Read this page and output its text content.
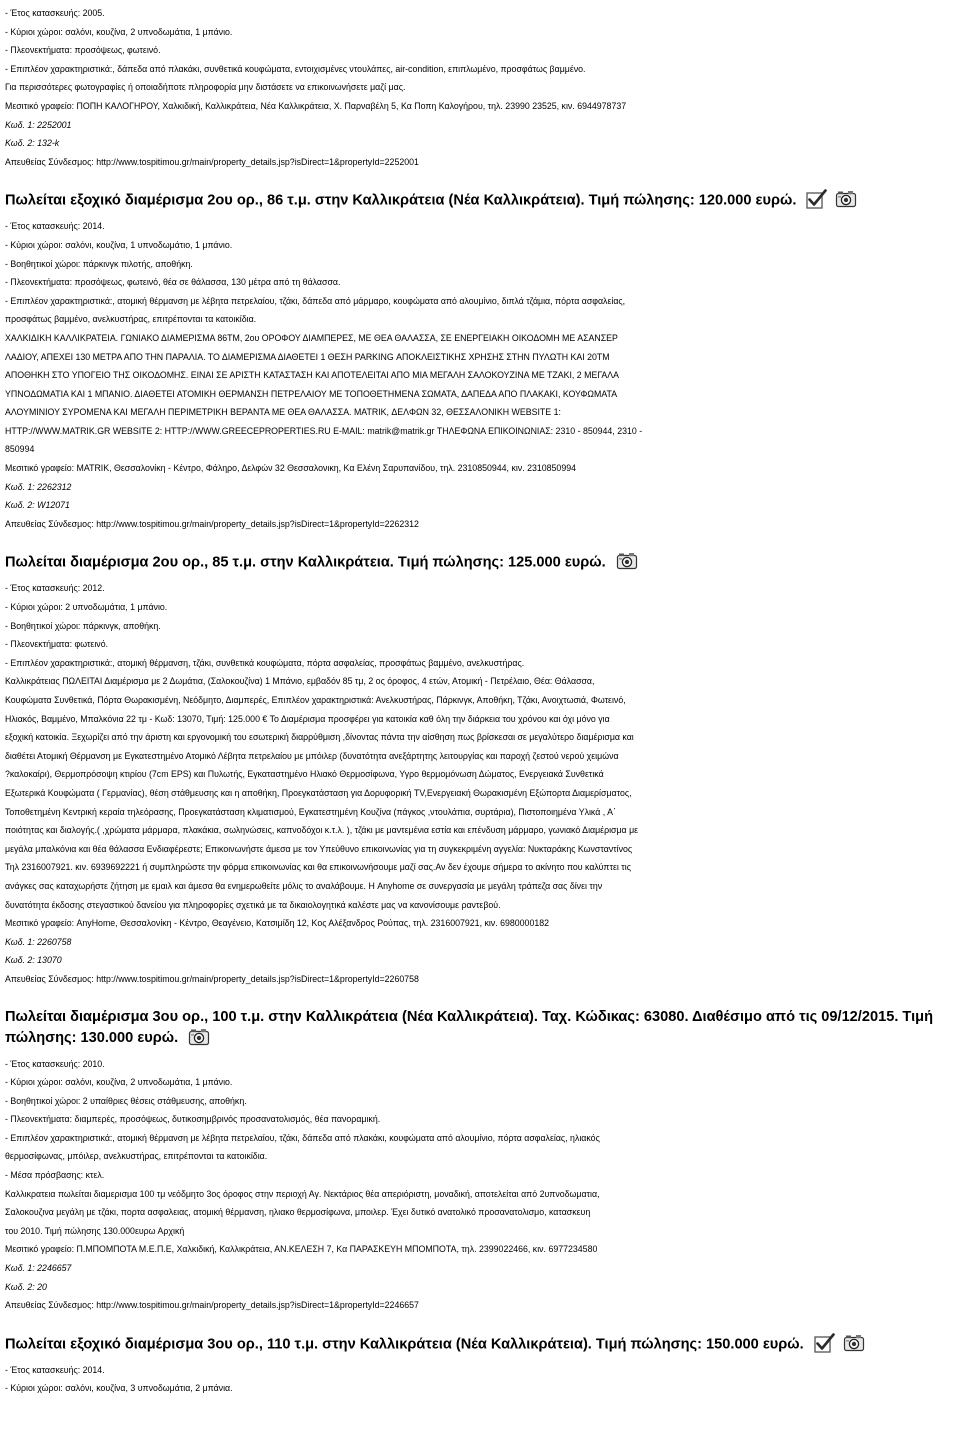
- Έτος κατασκευής: 2005.
- Κύριοι χώροι: σαλόνι, κουζίνα, 2 υπνοδωμάτια, 1 μπάνιο.
- Πλεονεκτήματα: προσόψεως, φωτεινό.
- Επιπλέον χαρακτηριστικά:, δάπεδα από πλακάκι, συνθετικά κουφώματα, εντοιχισμένες ντουλάπες, air-condition, επιπλωμένο, προσφάτως βαμμένο.
Για περισσότερες φωτογραφίες ή οποιαδήποτε πληροφορία μην διστάσετε να επικοινωνήσετε μαζί μας.
Μεσιτικό γραφείο: ΠΟΠΗ ΚΑΛΟΓΗΡΟΥ, Χαλκιδική, Καλλικράτεια, Νέα Καλλικράτεια, Χ. Παρναβέλη 5, Κα Ποπη Καλογήρου, τηλ. 23990 23525, κιν. 6944978737
Κωδ. 1: 2252001
Κωδ. 2: 132-k
Απευθείας Σύνδεσμος: http://www.tospitimou.gr/main/property_details.jsp?isDirect=1&propertyId=2252001
Πωλείται εξοχικό διαμέρισμα 2ου ορ., 86 τ.μ. στην Καλλικράτεια (Νέα Καλλικράτεια). Τιμή πώλησης: 120.000 ευρώ.
- Έτος κατασκευής: 2014.
- Κύριοι χώροι: σαλόνι, κουζίνα, 1 υπνοδωμάτιο, 1 μπάνιο.
- Βοηθητικοί χώροι: πάρκινγκ πιλοτής, αποθήκη.
- Πλεονεκτήματα: προσόψεως, φωτεινό, θέα σε θάλασσα, 130 μέτρα από τη θάλασσα.
- Επιπλέον χαρακτηριστικά:, ατομική θέρμανση με λέβητα πετρελαίου, τζάκι, δάπεδα από μάρμαρο, κουφώματα από αλουμίνιο, διπλά τζάμια, πόρτα ασφαλείας,
προσφάτως βαμμένο, ανελκυστήρας, επιτρέπονται τα κατοικίδια.
ΧΑΛΚΙΔΙΚΗ ΚΑΛΛΙΚΡΑΤΕΙΑ. ΓΩΝΙΑΚΟ ΔΙΑΜΕΡΙΣΜΑ 86ΤΜ, 2ου ΟΡΟΦΟΥ ΔΙΑΜΠΕΡΕΣ, ΜΕ ΘΕΑ ΘΑΛΑΣΣΑ, ΣΕ ΕΝΕΡΓΕΙΑΚΗ ΟΙΚΟΔΟΜΗ ΜΕ ΑΣΑΝΣΕΡ
ΛΑΔΙΟΥ, ΑΠΕΧΕΙ 130 ΜΕΤΡΑ ΑΠΟ ΤΗΝ ΠΑΡΑΛΙΑ. ΤΟ ΔΙΑΜΕΡΙΣΜΑ ΔΙΑΘΕΤΕΙ 1 ΘΕΣΗ PARKING ΑΠΟΚΛΕΙΣΤΙΚΗΣ ΧΡΗΣΗΣ ΣΤΗΝ ΠΥΛΩΤΗ ΚΑΙ 20ΤΜ
ΑΠΟΘΗΚΗ ΣΤΟ ΥΠΟΓΕΙΟ ΤΗΣ ΟΙΚΟΔΟΜΗΣ. ΕΙΝΑΙ ΣΕ ΑΡΙΣΤΗ ΚΑΤΑΣΤΑΣΗ ΚΑΙ ΑΠΟΤΕΛΕΙΤΑΙ ΑΠΟ ΜΙΑ ΜΕΓΑΛΗ ΣΑΛΟΚΟΥΖΙΝΑ ΜΕ ΤΖΑΚΙ, 2 ΜΕΓΑΛΑ
ΥΠΝΟΔΩΜΑΤΙΑ ΚΑΙ 1 ΜΠΑΝΙΟ. ΔΙΑΘΕΤΕΙ ΑΤΟΜΙΚΗ ΘΕΡΜΑΝΣΗ ΠΕΤΡΕΛΑΙΟΥ ΜΕ ΤΟΠΟΘΕΤΗΜΕΝΑ ΣΩΜΑΤΑ, ΔΑΠΕΔΑ ΑΠΟ ΠΛΑΚΑΚΙ, ΚΟΥΦΩΜΑΤΑ
ΑΛΟΥΜΙΝΙΟΥ ΣΥΡΟΜΕΝΑ ΚΑΙ ΜΕΓΑΛΗ ΠΕΡΙΜΕΤΡΙΚΗ ΒΕΡΑΝΤΑ ΜΕ ΘΕΑ ΘΑΛΑΣΣΑ. MATRIK, ΔΕΛΦΩΝ 32, ΘΕΣΣΑΛΟΝΙΚΗ WEBSITE 1:
HTTP://WWW.MATRIK.GR WEBSITE 2: HTTP://WWW.GREECEPROPERTIES.RU E-MAIL: matrik@matrik.gr ΤΗΛΕΦΩΝΑ ΕΠΙΚΟΙΝΩΝΙΑΣ: 2310 - 850944, 2310 -
850994
Μεσιτικό γραφείο: MATRIK, Θεσσαλονίκη - Κέντρο, Φάληρο, Δελφών 32 Θεσσαλονικη, Κα Ελένη Σαρυπανίδου, τηλ. 2310850944, κιν. 2310850994
Κωδ. 1: 2262312
Κωδ. 2: W12071
Απευθείας Σύνδεσμος: http://www.tospitimou.gr/main/property_details.jsp?isDirect=1&propertyId=2262312
Πωλείται διαμέρισμα 2ου ορ., 85 τ.μ. στην Καλλικράτεια. Τιμή πώλησης: 125.000 ευρώ.
- Έτος κατασκευής: 2012.
- Κύριοι χώροι: 2 υπνοδωμάτια, 1 μπάνιο.
- Βοηθητικοί χώροι: πάρκινγκ, αποθήκη.
- Πλεονεκτήματα: φωτεινό.
- Επιπλέον χαρακτηριστικά:, ατομική θέρμανση, τζάκι, συνθετικά κουφώματα, πόρτα ασφαλείας, προσφάτως βαμμένο, ανελκυστήρας.
Καλλικράτειας ΠΩΛΕΙΤΑΙ Διαμέρισμα με 2 Δωμάτια, (Σαλοκουζίνα) 1 Μπάνιο, εμβαδόν 85 τμ, 2 ος όροφος, 4 ετών, Ατομική - Πετρέλαιο, Θέα: Θάλασσα,
Κουφώματα Συνθετικά, Πόρτα Θωρακισμένη, Νεόδμητο, Διαμπερές, Επιπλέον χαρακτηριστικά: Ανελκυστήρας, Πάρκινγκ, Αποθήκη, Τζάκι, Ανοιχτωσιά, Φωτεινό,
Ηλιακός, Βαμμένο, Μπαλκόνια 22 τμ - Κωδ: 13070, Τιμή: 125.000 € Το Διαμέρισμα προσφέρει για κατοικία καθ όλη την διάρκεια του χρόνου και όχι μόνο για
εξοχική κατοικία. Ξεχωρίζει από την άριστη και εργονομική του εσωτερική διαρρύθμιση ,δίνοντας πάντα την αίσθηση πως βρίσκεσαι σε μεγαλύτερο διαμέρισμα και
διαθέτει Ατομική Θέρμανση με Εγκατεστημένο Ατομικό Λέβητα πετρελαίου με μπόιλερ (δυνατότητα ανεξάρτητης λειτουργίας και παροχή ζεστού νερού χειμώνα
?καλοκαίρι), Θερμοπρόσοψη κτιρίου (7cm EPS) και Πυλωτής, Εγκαταστημένο Ηλιακό Θερμοσίφωνα, Υγρο θερμομόνωση Δώματος, Ενεργειακά Συνθετικά
Εξωτερικά Κουφώματα ( Γερμανίας), θέση στάθμευσης και η αποθήκη, Προεγκατάσταση για Δορυφορική TV,Ενεργειακή Θωρακισμένη Εξώπορτα Διαμερίσματος,
Τοποθετημένη Κεντρική κεραία τηλεόρασης, Προεγκατάσταση κλιματισμού, Εγκατεστημένη Κουζίνα (πάγκος ,ντουλάπια, συρτάρια), Πιστοποιημένα Υλικά , Α΄
ποιότητας και διαλογής.( ,χρώματα μάρμαρα, πλακάκια, σωληνώσεις, καπνοδόχοι κ.τ.λ. ), τζάκι με μαντεμένια εστία και επένδυση μάρμαρο, γωνιακό Διαμέρισμα με
μεγάλα μπαλκόνια και θέα θάλασσα Ενδιαφέρεστε; Επικοινωνήστε άμεσα με τον Υπεύθυνο επικοινωνίας για τη συγκεκριμένη αγγελία: Νυκταράκης Κωνσταντίνος
Τηλ 2316007921. κιν. 6939692221 ή συμπληρώστε την φόρμα επικοινωνίας και θα επικοινωνήσουμε μαζί σας.Αν δεν έχουμε σήμερα το ακίνητο που καλύπτει τις
ανάγκες σας καταχωρήστε ζήτηση με εμαιλ και άμεσα θα ενημερωθείτε μόλις το αναλάβουμε. Η Anyhome σε συνεργασία με μεγάλη τράπεζα σας δίνει την
δυνατότητα έκδοσης στεγαστικού δανείου για πληροφορίες σχετικά με τα δικαιολογητικά καλέστε μας να κανονίσουμε ραντεβού.
Μεσιτικό γραφείο: AnyHome, Θεσσαλονίκη - Κέντρο, Θεαγένειο, Κατσιμίδη 12, Κος Αλέξανδρος Ρούπας, τηλ. 2316007921, κιν. 6980000182
Κωδ. 1: 2260758
Κωδ. 2: 13070
Απευθείας Σύνδεσμος: http://www.tospitimou.gr/main/property_details.jsp?isDirect=1&propertyId=2260758
Πωλείται διαμέρισμα 3ου ορ., 100 τ.μ. στην Καλλικράτεια (Νέα Καλλικράτεια). Ταχ. Κώδικας: 63080. Διαθέσιμο από τις 09/12/2015. Τιμή πώλησης: 130.000 ευρώ.
- Έτος κατασκευής: 2010.
- Κύριοι χώροι: σαλόνι, κουζίνα, 2 υπνοδωμάτια, 1 μπάνιο.
- Βοηθητικοί χώροι: 2 υπαίθριες θέσεις στάθμευσης, αποθήκη.
- Πλεονεκτήματα: διαμπερές, προσόψεως, δυτικοσημβρινός προσανατολισμός, θέα πανοραμική.
- Επιπλέον χαρακτηριστικά:, ατομική θέρμανση με λέβητα πετρελαίου, τζάκι, δάπεδα από πλακάκι, κουφώματα από αλουμίνιο, πόρτα ασφαλείας, ηλιακός
θερμοσίφωνας, μπόιλερ, ανελκυστήρας, επιτρέπονται τα κατοικίδια.
- Μέσα πρόσβασης: κτελ.
Καλλικρατεια πωλείται διαμερισμα 100 τμ νεόδμητο 3ος όροφος στην περιοχή Αγ. Νεκτάριος θέα απεριόριστη, μοναδική, αποτελείται από 2υπνοδωματια,
Σαλοκουζινα μεγάλη με τζάκι, πορτα ασφαλειας, ατομική θέρμανση, ηλιακο θερμοσίφωνα, μποιλερ. Έχει δυτικό ανατολικό προσανατολισμο, κατασκευη
του 2010. Τιμή πώλησης 130.000ευρω Αρχική
Μεσιτικό γραφείο: Π.ΜΠΟΜΠΟΤΑ Μ.Ε.Π.Ε, Χαλκιδική, Καλλικράτεια, ΑΝ.ΚΕΛΕΣΗ 7, Κα ΠΑΡΑΣΚΕΥΗ ΜΠΟΜΠΟΤΑ, τηλ. 2399022466, κιν. 6977234580
Κωδ. 1: 2246657
Κωδ. 2: 20
Απευθείας Σύνδεσμος: http://www.tospitimou.gr/main/property_details.jsp?isDirect=1&propertyId=2246657
Πωλείται εξοχικό διαμέρισμα 3ου ορ., 110 τ.μ. στην Καλλικράτεια (Νέα Καλλικράτεια). Τιμή πώλησης: 150.000 ευρώ.
- Έτος κατασκευής: 2014.
- Κύριοι χώροι: σαλόνι, κουζίνα, 3 υπνοδωμάτια, 2 μπάνια.
